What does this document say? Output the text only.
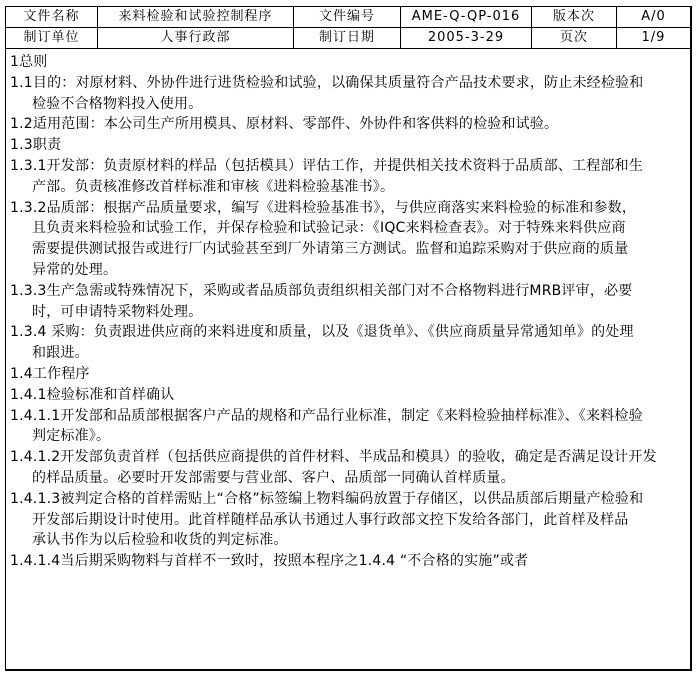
文件名称	来料检验和试验控制程序	文件编号	AME-Q-QP-016	版本次	A/0
制订单位	人事行政部	制订日期	2005-3-29	页次	1/9
1总则
1.1目的：对原材料、外协件进行进货检验和试验，以确保其质量符合产品技术要求，防止未经检验和
检验不合格物料投入使用。
1.2适用范围：本公司生产所用模具、原材料、零部件、外协件和客供料的检验和试验。
1.3职责
1.3.1开发部：负责原材料的样品（包括模具）评估工作，并提供相关技术资料于品质部、工程部和生
产部。负责核准修改首样标准和审核《进料检验基准书》。
1.3.2品质部：根据产品质量要求，编写《进料检验基准书》，与供应商落实来料检验的标准和参数，
且负责来料检验和试验工作，并保存检验和试验记录：《IQC来料检查表》。对于特殊来料供应商
需要提供测试报告或进行厂内试验甚至到厂外请第三方测试。监督和追踪采购对于供应商的质量
异常的处理。
1.3.3生产急需或特殊情况下，采购或者品质部负责组织相关部门对不合格物料进行MRB评审，必要
时，可申请特采物料处理。
1.3.4 采购：负责跟进供应商的来料进度和质量，以及《退货单》、《供应商质量异常通知单》的处理
和跟进。
1.4工作程序
1.4.1检验标准和首样确认
1.4.1.1开发部和品质部根据客户产品的规格和产品行业标准，制定《来料检验抽样标准》、《来料检验
判定标准》。
1.4.1.2开发部负责首样（包括供应商提供的首件材料、半成品和模具）的验收，确定是否满足设计开发
的样品质量。必要时开发部需要与营业部、客户、品质部一同确认首样质量。
1.4.1.3被判定合格的首样需贴上“合格”标签编上物料编码放置于存储区，以供品质部后期量产检验和
开发部后期设计时使用。此首样随样品承认书通过人事行政部文控下发给各部门，此首样及样品
承认书作为以后检验和收货的判定标准。
1.4.1.4当后期采购物料与首样不一致时，按照本程序之1.4.4 “不合格的实施”或者
